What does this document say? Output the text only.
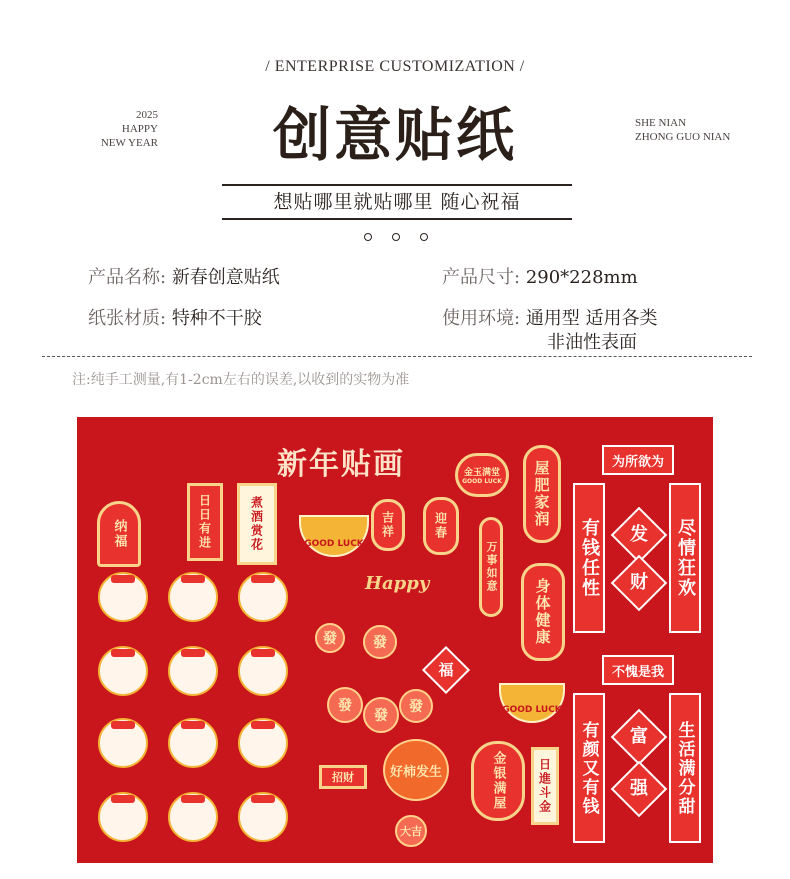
/ ENTERPRISE CUSTOMIZATION /
2025
HAPPY
NEW YEAR
SHE NIAN
ZHONG GUO NIAN
创意贴纸
想贴哪里就贴哪里 随心祝福
产品名称: 新春创意贴纸	产品尺寸: 290*228mm
纸张材质: 特种不干胶	使用环境: 通用型 适用各类
非油性表面
注:纯手工测量,有1-2cm左右的误差,以收到的实物为准
新年贴画
纳福	日日有进	煮酒赏花	GOOD LUCK
吉祥	迎春
金玉满堂
GOOD LUCK	屋肥家润
身体健康
万事如意
Happy
为所欲为
有钱任性	尽情狂欢
发
财
不愧是我
有颜又有钱	生活满分甜
富
强
發	發
發
發
發
福
GOOD LUCK
好柿发生	金银满屋	日進斗金
大吉
招财
